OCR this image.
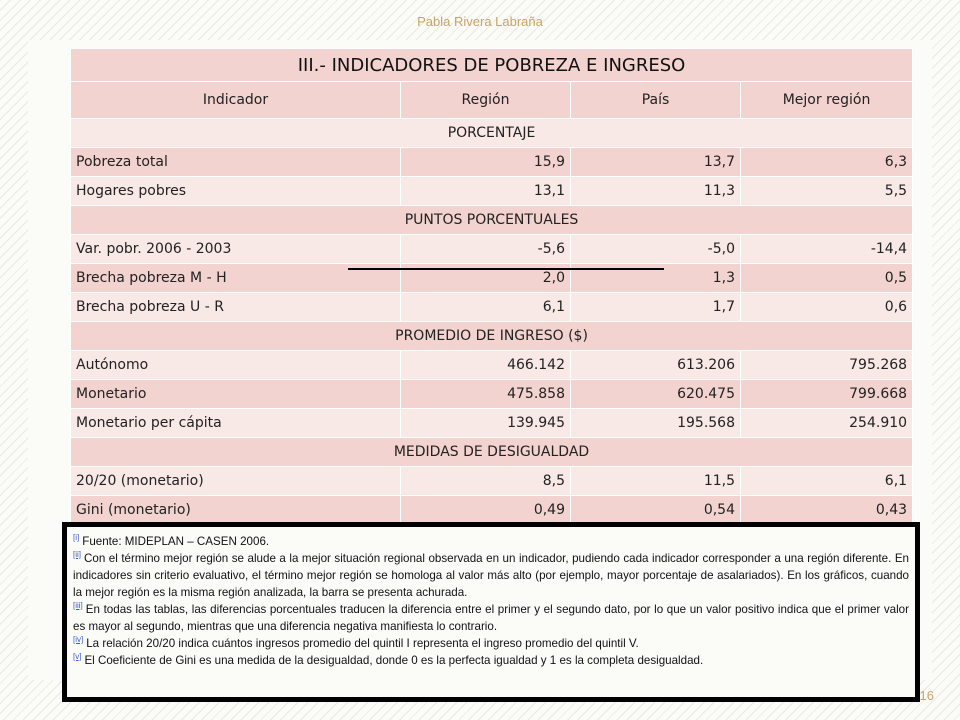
Pabla Rivera Labraña
III.- INDICADORES DE POBREZA E INGRESO			
Indicador	Región	País	Mejor región
PORCENTAJE			
Pobreza total	15,9	13,7	6,3
Hogares pobres	13,1	11,3	5,5
PUNTOS PORCENTUALES			
Var. pobr. 2006 - 2003	-5,6	-5,0	-14,4
Brecha pobreza M - H	2,0	1,3	0,5
Brecha pobreza U - R	6,1	1,7	0,6
PROMEDIO DE INGRESO ($)			
Autónomo	466.142	613.206	795.268
Monetario	475.858	620.475	799.668
Monetario per cápita	139.945	195.568	254.910
MEDIDAS DE DESIGUALDAD			
20/20 (monetario)	8,5	11,5	6,1
Gini (monetario)	0,49	0,54	0,43

[i] Fuente: MIDEPLAN – CASEN 2006.

[ii] Con el término mejor región se alude a la mejor situación regional observada en un indicador, pudiendo cada indicador corresponder a una región diferente. En indicadores sin criterio evaluativo, el término mejor región se homologa al valor más alto (por ejemplo, mayor porcentaje de asalariados). En los gráficos, cuando la mejor región es la misma región analizada, la barra se presenta achurada.

[iii] En todas las tablas, las diferencias porcentuales traducen la diferencia entre el primer y el segundo dato, por lo que un valor positivo indica que el primer valor es mayor al segundo, mientras que una diferencia negativa manifiesta lo contrario.

[iv] La relación 20/20 indica cuántos ingresos promedio del quintil I representa el ingreso promedio del quintil V.

[v] El Coeficiente de Gini es una medida de la desigualdad, donde 0 es la perfecta igualdad y 1 es la completa desigualdad.

16
